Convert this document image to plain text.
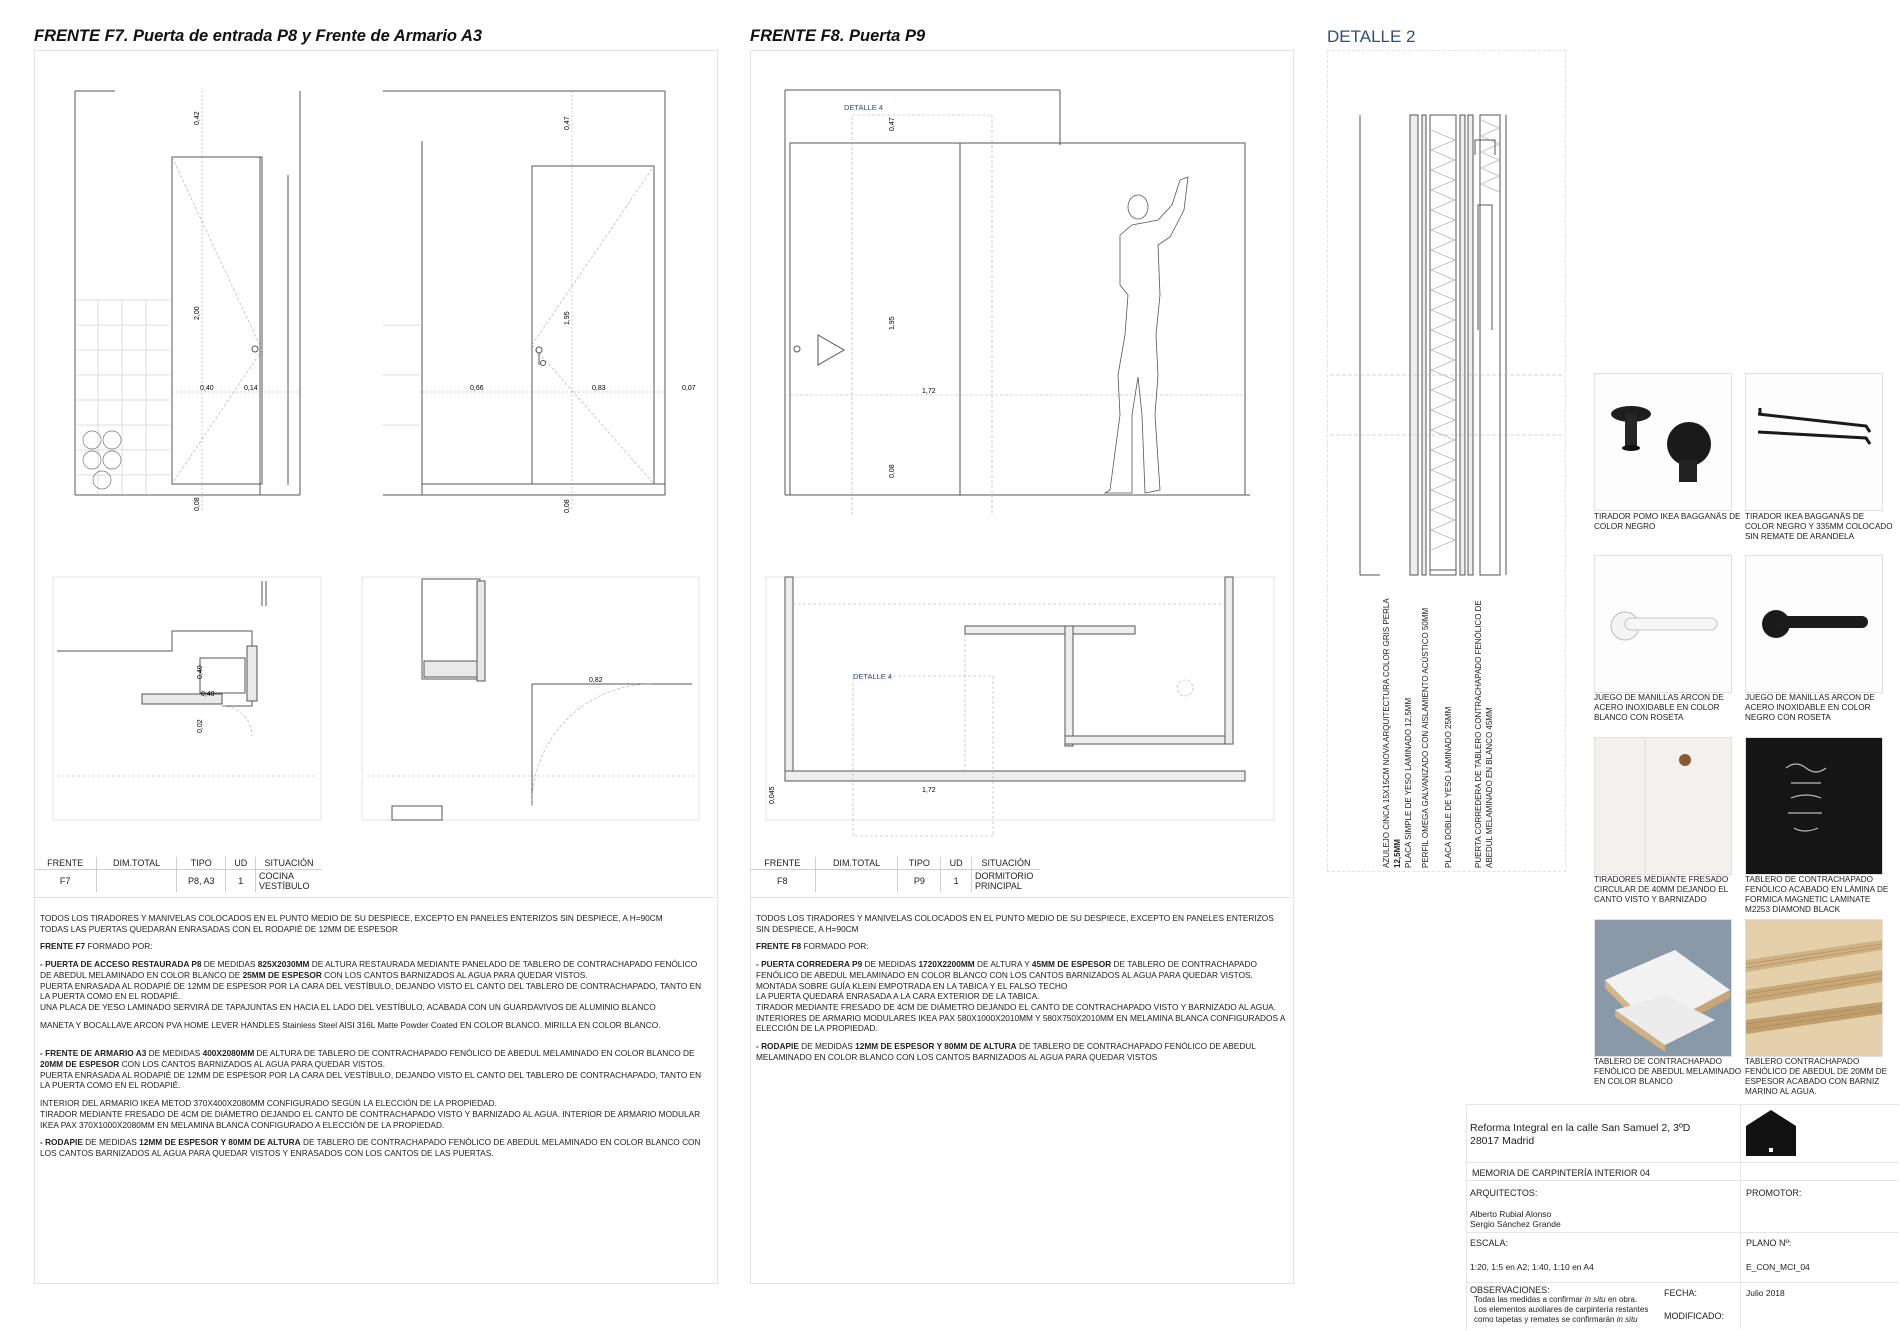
FRENTE F7. Puerta de entrada P8 y Frente de Armario A3	FRENTE F8. Puerta P9	DETALLE 2
0,42
2,00
0,08
0,40	0,14
0,47
1,95
0,08
0,66	0,83	0,07
0,40
0,40
0,02
0,82
FRENTE	DIM.TOTAL	TIPO	UD	SITUACIÓN
F7		P8, A3	1	COCINA VESTÍBULO

TODOS LOS TIRADORES Y MANIVELAS COLOCADOS EN EL PUNTO MEDIO DE SU DESPIECE, EXCEPTO EN PANELES ENTERIZOS SIN DESPIECE, A H=90CM

TODAS LAS PUERTAS QUEDARÁN ENRASADAS CON EL RODAPIÉ DE 12MM DE ESPESOR

FRENTE F7 FORMADO POR:

- PUERTA DE ACCESO RESTAURADA P8 DE MEDIDAS 825X2030MM DE ALTURA RESTAURADA MEDIANTE PANELADO DE TABLERO DE CONTRACHAPADO FENÓLICO DE ABEDUL MELAMINADO EN COLOR BLANCO DE 25MM DE ESPESOR CON LOS CANTOS BARNIZADOS AL AGUA PARA QUEDAR VISTOS.

PUERTA ENRASADA AL RODAPIÉ DE 12MM DE ESPESOR POR LA CARA DEL VESTÍBULO, DEJANDO VISTO EL CANTO DEL TABLERO DE CONTRACHAPADO, TANTO EN LA PUERTA COMO EN EL RODAPIÉ.

UNA PLACA DE YESO LAMINADO SERVIRÁ DE TAPAJUNTAS EN HACIA EL LADO DEL VESTÍBULO, ACABADA CON UN GUARDAVIVOS DE ALUMINIO BLANCO

MANETA Y BOCALLAVE ARCON PVA HOME LEVER HANDLES Stainless Steel AISI 316L Matte Powder Coated EN COLOR BLANCO. MIRILLA EN COLOR BLANCO.

- FRENTE DE ARMARIO A3 DE MEDIDAS 400X2080MM DE ALTURA DE TABLERO DE CONTRACHAPADO FENÓLICO DE ABEDUL MELAMINADO EN COLOR BLANCO DE 20MM DE ESPESOR CON LOS CANTOS BARNIZADOS AL AGUA PARA QUEDAR VISTOS.

PUERTA ENRASADA AL RODAPIÉ DE 12MM DE ESPESOR POR LA CARA DEL VESTÍBULO, DEJANDO VISTO EL CANTO DEL TABLERO DE CONTRACHAPADO, TANTO EN LA PUERTA COMO EN EL RODAPIÉ.

INTERIOR DEL ARMARIO IKEA METOD 370X400X2080MM CONFIGURADO SEGÚN LA ELECCIÓN DE LA PROPIEDAD.

TIRADOR MEDIANTE FRESADO DE 4CM DE DIÁMETRO DEJANDO EL CANTO DE CONTRACHAPADO VISTO Y BARNIZADO AL AGUA. INTERIOR DE ARMARIO MODULAR IKEA PAX 370X1000X2080MM EN MELAMINA BLANCA CONFIGURADO A ELECCIÓN DE LA PROPIEDAD.

- RODAPIE DE MEDIDAS 12MM DE ESPESOR Y 80MM DE ALTURA DE TABLERO DE CONTRACHAPADO FENÓLICO DE ABEDUL MELAMINADO EN COLOR BLANCO CON LOS CANTOS BARNIZADOS AL AGUA PARA QUEDAR VISTOS Y ENRASADOS CON LOS CANTOS DE LAS PUERTAS.

DETALLE 4
0,47
1,95
0,08
1,72
DETALLE 4
1,72
0,045
FRENTE	DIM.TOTAL	TIPO	UD	SITUACIÓN
F8		P9	1	DORMITORIO PRINCIPAL

TODOS LOS TIRADORES Y MANIVELAS COLOCADOS EN EL PUNTO MEDIO DE SU DESPIECE, EXCEPTO EN PANELES ENTERIZOS SIN DESPIECE, A H=90CM

FRENTE F8 FORMADO POR:

- PUERTA CORREDERA P9 DE MEDIDAS 1720X2200MM DE ALTURA Y 45MM DE ESPESOR DE TABLERO DE CONTRACHAPADO FENÓLICO DE ABEDUL MELAMINADO EN COLOR BLANCO CON LOS CANTOS BARNIZADOS AL AGUA PARA QUEDAR VISTOS.

MONTADA SOBRE GUÍA KLEIN EMPOTRADA EN LA TABICA Y EL FALSO TECHO

LA PUERTA QUEDARÁ ENRASADA A LA CARA EXTERIOR DE LA TABICA.

TIRADOR MEDIANTE FRESADO DE 4CM DE DIÁMETRO DEJANDO EL CANTO DE CONTRACHAPADO VISTO Y BARNIZADO AL AGUA. INTERIORES DE ARMARIO MODULARES IKEA PAX 580X1000X2010MM Y 580X750X2010MM EN MELAMINA BLANCA CONFIGURADOS A ELECCIÓN DE LA PROPIEDAD.

- RODAPIE DE MEDIDAS 12MM DE ESPESOR Y 80MM DE ALTURA DE TABLERO DE CONTRACHAPADO FENÓLICO DE ABEDUL MELAMINADO EN COLOR BLANCO CON LOS CANTOS BARNIZADOS AL AGUA PARA QUEDAR VISTOS

AZULEJO CINCA 15X15CM NOVA ARQUITECTURA COLOR GRIS PERLA 12,5MM PLACA SIMPLE DE YESO LAMINADO 12,5MM PERFIL OMEGA GALVANIZADO CON AISLAMIENTO ACÚSTICO 50MM PLACA DOBLE DE YESO LAMINADO 25MM	PUERTA CORREDERA DE TABLERO CONTRACHAPADO FENÓLICO DE ABEDUL MELAMINADO EN BLANCO 45MM
TIRADOR POMO IKEA BAGGANÄS DE COLOR NEGRO
TIRADOR IKEA BAGGANÄS DE COLOR NEGRO Y 335MM COLOCADO SIN REMATE DE ARANDELA
JUEGO DE MANILLAS ARCON DE ACERO INOXIDABLE EN COLOR BLANCO CON ROSETA
JUEGO DE MANILLAS ARCON DE ACERO INOXIDABLE EN COLOR NEGRO CON ROSETA
TIRADORES MEDIANTE FRESADO CIRCULAR DE 40MM DEJANDO EL CANTO VISTO Y BARNIZADO
TABLERO DE CONTRACHAPADO FENÓLICO ACABADO EN LÁMINA DE FORMICA MAGNETIC LAMINATE M2253 DIAMOND BLACK
TABLERO DE CONTRACHAPADO FENÓLICO DE ABEDUL MELAMINADO EN COLOR BLANCO
TABLERO CONTRACHAPADO FENÓLICO DE ABEDUL DE 20MM DE ESPESOR ACABADO CON BARNIZ MARINO AL AGUA.
Reforma Integral en la calle San Samuel 2, 3ºD
28017 Madrid
MEMORIA DE CARPINTERÍA INTERIOR 04
ARQUITECTOS:	PROMOTOR:
Alberto Rubial Alonso
Sergio Sánchez Grande
ESCALA:	PLANO Nº:
1:20, 1:5 en A2; 1:40, 1:10 en A4	E_CON_MCI_04
OBSERVACIONES:
Todas las medidas a confirmar in situ en obra.
Los elementos auxiliares de carpintería restantes
como tapetas y remates se confirmarán in situ
FECHA:	Julio 2018
MODIFICADO:
